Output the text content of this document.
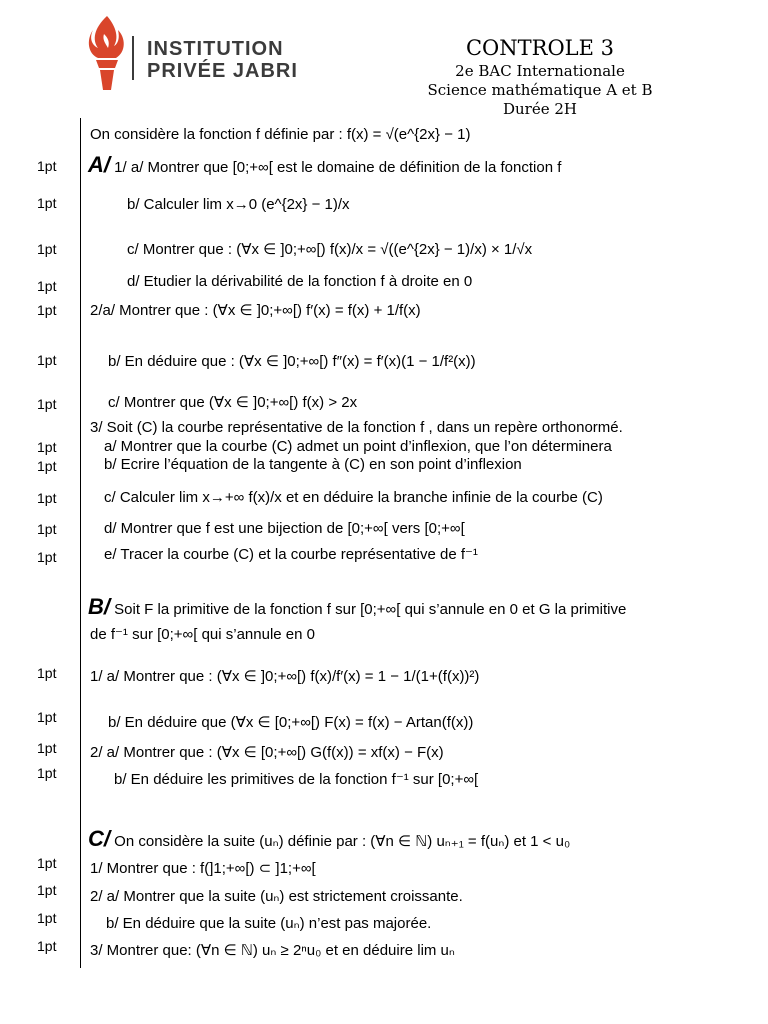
INSTITUTION
PRIVÉE JABRI
CONTROLE 3
2e BAC Internationale
Science mathématique A et B
Durée 2H
1pt
1pt
1pt
1pt
1pt
1pt
1pt
1pt
1pt
1pt
1pt
1pt
1pt
1pt
1pt
1pt
1pt
1pt
1pt
1pt
On considère la fonction f définie par : f(x) = √(e^{2x} − 1)
A/ 1/ a/ Montrer que [0;+∞[ est le domaine de définition de la fonction f
b/ Calculer lim x→0 (e^{2x} − 1)/x
c/ Montrer que : (∀x ∈ ]0;+∞[) f(x)/x = √((e^{2x} − 1)/x) × 1/√x
d/ Etudier la dérivabilité de la fonction f à droite en 0
2/a/ Montrer que : (∀x ∈ ]0;+∞[) f′(x) = f(x) + 1/f(x)
b/ En déduire que : (∀x ∈ ]0;+∞[) f″(x) = f′(x)(1 − 1/f²(x))
c/ Montrer que (∀x ∈ ]0;+∞[) f(x) > 2x
3/ Soit (C) la courbe représentative de la fonction f , dans un repère orthonormé.
a/ Montrer que la courbe (C) admet un point d’inflexion, que l’on déterminera
b/ Ecrire l’équation de la tangente à (C) en son point d’inflexion
c/ Calculer lim x→+∞ f(x)/x et en déduire la branche infinie de la courbe (C)
d/ Montrer que f est une bijection de [0;+∞[ vers [0;+∞[
e/ Tracer la courbe (C) et la courbe représentative de f⁻¹
B/ Soit F la primitive de la fonction f sur [0;+∞[ qui s’annule en 0 et G la primitive
de f⁻¹ sur [0;+∞[ qui s’annule en 0
1/ a/ Montrer que : (∀x ∈ ]0;+∞[) f(x)/f′(x) = 1 − 1/(1+(f(x))²)
b/ En déduire que (∀x ∈ [0;+∞[) F(x) = f(x) − Artan(f(x))
2/ a/ Montrer que : (∀x ∈ [0;+∞[) G(f(x)) = xf(x) − F(x)
b/ En déduire les primitives de la fonction f⁻¹ sur [0;+∞[
C/ On considère la suite (uₙ) définie par : (∀n ∈ ℕ) uₙ₊₁ = f(uₙ) et 1 < u₀
1/ Montrer que : f(]1;+∞[) ⊂ ]1;+∞[
2/ a/ Montrer que la suite (uₙ) est strictement croissante.
b/ En déduire que la suite (uₙ) n’est pas majorée.
3/ Montrer que: (∀n ∈ ℕ) uₙ ≥ 2ⁿu₀ et en déduire lim uₙ
